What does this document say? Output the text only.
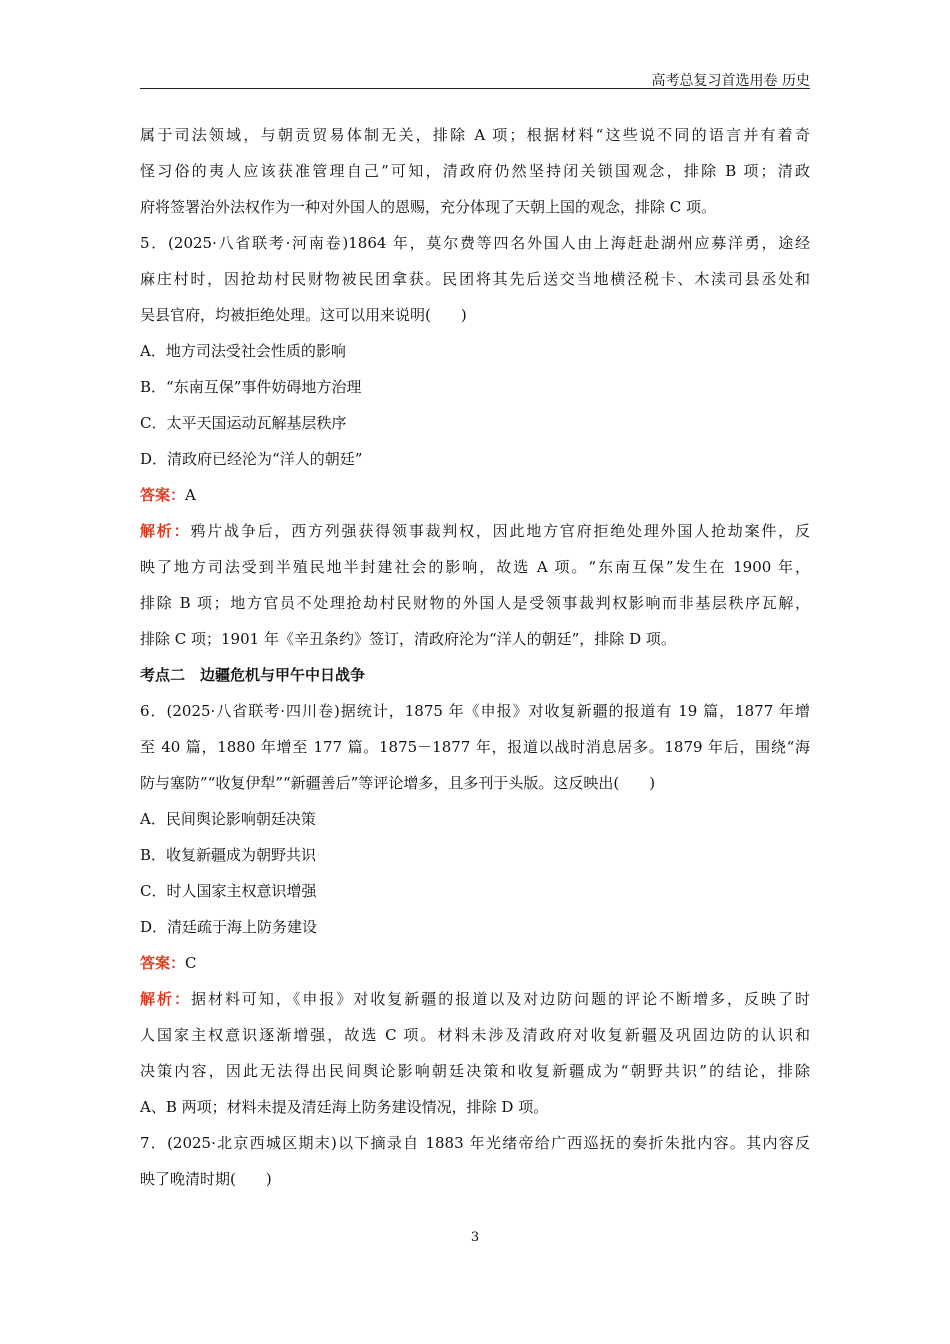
高考总复习首选用卷 历史
属于司法领域，与朝贡贸易体制无关，排除 A 项；根据材料“这些说不同的语言并有着奇
怪习俗的夷人应该获准管理自己”可知，清政府仍然坚持闭关锁国观念，排除 B 项；清政
府将签署治外法权作为一种对外国人的恩赐，充分体现了天朝上国的观念，排除 C 项。
5．(2025·八省联考·河南卷)1864 年，莫尔费等四名外国人由上海赶赴湖州应募洋勇，途经
麻庄村时，因抢劫村民财物被民团拿获。民团将其先后送交当地横泾税卡、木渎司县丞处和
吴县官府，均被拒绝处理。这可以用来说明(　　)
A．地方司法受社会性质的影响
B．“东南互保”事件妨碍地方治理
C．太平天国运动瓦解基层秩序
D．清政府已经沦为“洋人的朝廷”
答案：A
解析：鸦片战争后，西方列强获得领事裁判权，因此地方官府拒绝处理外国人抢劫案件，反
映了地方司法受到半殖民地半封建社会的影响，故选 A 项。“东南互保”发生在 1900 年，
排除 B 项；地方官员不处理抢劫村民财物的外国人是受领事裁判权影响而非基层秩序瓦解，
排除 C 项；1901 年《辛丑条约》签订，清政府沦为“洋人的朝廷”，排除 D 项。
考点二　边疆危机与甲午中日战争
6．(2025·八省联考·四川卷)据统计，1875 年《申报》对收复新疆的报道有 19 篇，1877 年增
至 40 篇，1880 年增至 177 篇。1875－1877 年，报道以战时消息居多。1879 年后，围绕“海
防与塞防”“收复伊犁”“新疆善后”等评论增多，且多刊于头版。这反映出(　　)
A．民间舆论影响朝廷决策
B．收复新疆成为朝野共识
C．时人国家主权意识增强
D．清廷疏于海上防务建设
答案：C
解析：据材料可知，《申报》对收复新疆的报道以及对边防问题的评论不断增多，反映了时
人国家主权意识逐渐增强，故选 C 项。材料未涉及清政府对收复新疆及巩固边防的认识和
决策内容，因此无法得出民间舆论影响朝廷决策和收复新疆成为“朝野共识”的结论，排除
A、B 两项；材料未提及清廷海上防务建设情况，排除 D 项。
7．(2025·北京西城区期末)以下摘录自 1883 年光绪帝给广西巡抚的奏折朱批内容。其内容反
映了晚清时期(　　)
3
